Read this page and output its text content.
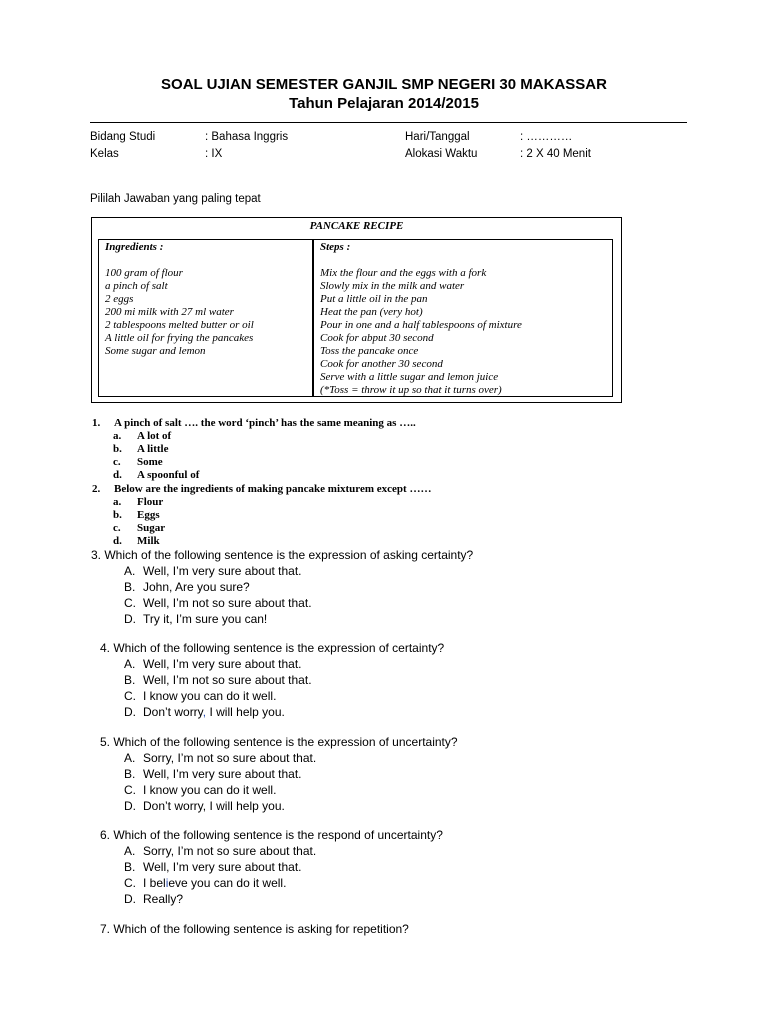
SOAL UJIAN SEMESTER GANJIL SMP NEGERI 30 MAKASSAR
Tahun Pelajaran 2014/2015
Bidang Studi	: Bahasa Inggris	Hari/Tanggal	: …………
Kelas	: IX	Alokasi Waktu	: 2 X 40 Menit
Pililah Jawaban yang paling tepat
PANCAKE RECIPE
Ingredients :
100 gram of flour
a pinch of salt
2 eggs
200 mi milk with 27 ml water
2 tablespoons melted butter or oil
A little oil for frying the pancakes
Some sugar and lemon
Steps :
Mix the flour and the eggs with a fork
Slowly mix in the milk and water
Put a little oil in the pan
Heat the pan (very hot)
Pour in one and a half tablespoons of mixture
Cook for abput 30 second
Toss the pancake once
Cook for another 30 second
Serve with a little sugar and lemon juice
(*Toss = throw it up so that it turns over)
1. A pinch of salt …. the word ‘pinch’ has the same meaning as …..
a. A lot of
b. A little
c. Some
d. A spoonful of
2. Below are the ingredients of making pancake mixturem except ……
a. Flour
b. Eggs
c. Sugar
d. Milk
3. Which of the following sentence is the expression of asking certainty?
A. Well, I’m very sure about that.
B. John, Are you sure?
C. Well, I’m not so sure about that.
D. Try it, I’m sure you can!
4. Which of the following sentence is the expression of certainty?
A. Well, I’m very sure about that.
B. Well, I’m not so sure about that.
C. I know you can do it well.
D. Don’t worry, I will help you.
5. Which of the following sentence is the expression of uncertainty?
A. Sorry, I’m not so sure about that.
B. Well, I’m very sure about that.
C. I know you can do it well.
D. Don’t worry, I will help you.
6. Which of the following sentence is the respond of uncertainty?
A. Sorry, I’m not so sure about that.
B. Well, I’m very sure about that.
C. I believe you can do it well.
D. Really?
7. Which of the following sentence is asking for repetition?
